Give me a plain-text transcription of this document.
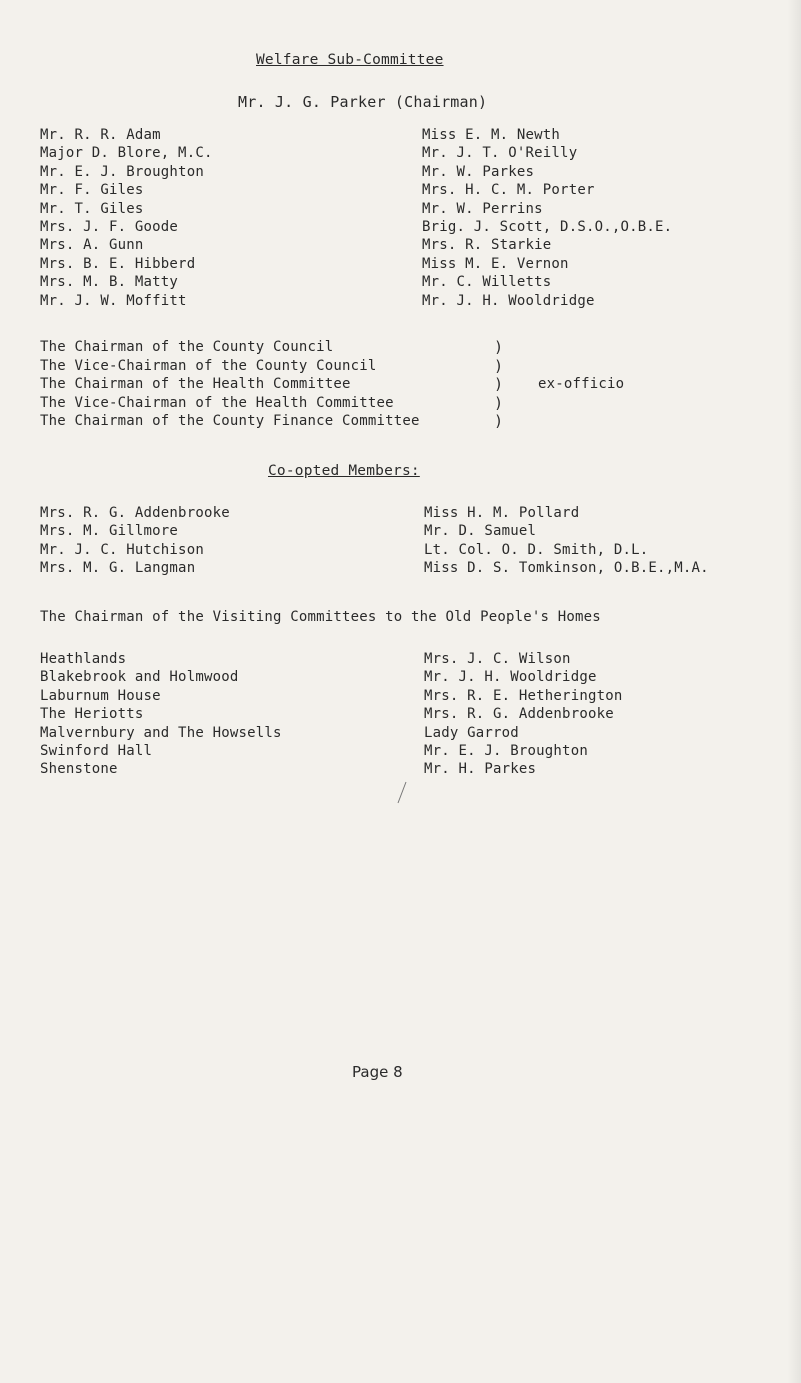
Welfare Sub-Committee
Mr. J. G. Parker (Chairman)
Mr. R. R. Adam
Major D. Blore, M.C.
Mr. E. J. Broughton
Mr. F. Giles
Mr. T. Giles
Mrs. J. F. Goode
Mrs. A. Gunn
Mrs. B. E. Hibberd
Mrs. M. B. Matty
Mr. J. W. Moffitt
Miss E. M. Newth
Mr. J. T. O'Reilly
Mr. W. Parkes
Mrs. H. C. M. Porter
Mr. W. Perrins
Brig. J. Scott, D.S.O.,O.B.E.
Mrs. R. Starkie
Miss M. E. Vernon
Mr. C. Willetts
Mr. J. H. Wooldridge
The Chairman of the County Council
The Vice-Chairman of the County Council
The Chairman of the Health Committee
The Vice-Chairman of the Health Committee
The Chairman of the County Finance Committee
)
)
)
)
)
ex-officio
Co-opted Members:
Mrs. R. G. Addenbrooke
Mrs. M. Gillmore
Mr. J. C. Hutchison
Mrs. M. G. Langman
Miss H. M. Pollard
Mr. D. Samuel
Lt. Col. O. D. Smith, D.L.
Miss D. S. Tomkinson, O.B.E.,M.A.
The Chairman of the Visiting Committees to the Old People's Homes
Heathlands
Blakebrook and Holmwood
Laburnum House
The Heriotts
Malvernbury and The Howsells
Swinford Hall
Shenstone
Mrs. J. C. Wilson
Mr. J. H. Wooldridge
Mrs. R. E. Hetherington
Mrs. R. G. Addenbrooke
Lady Garrod
Mr. E. J. Broughton
Mr. H. Parkes
Page 8
